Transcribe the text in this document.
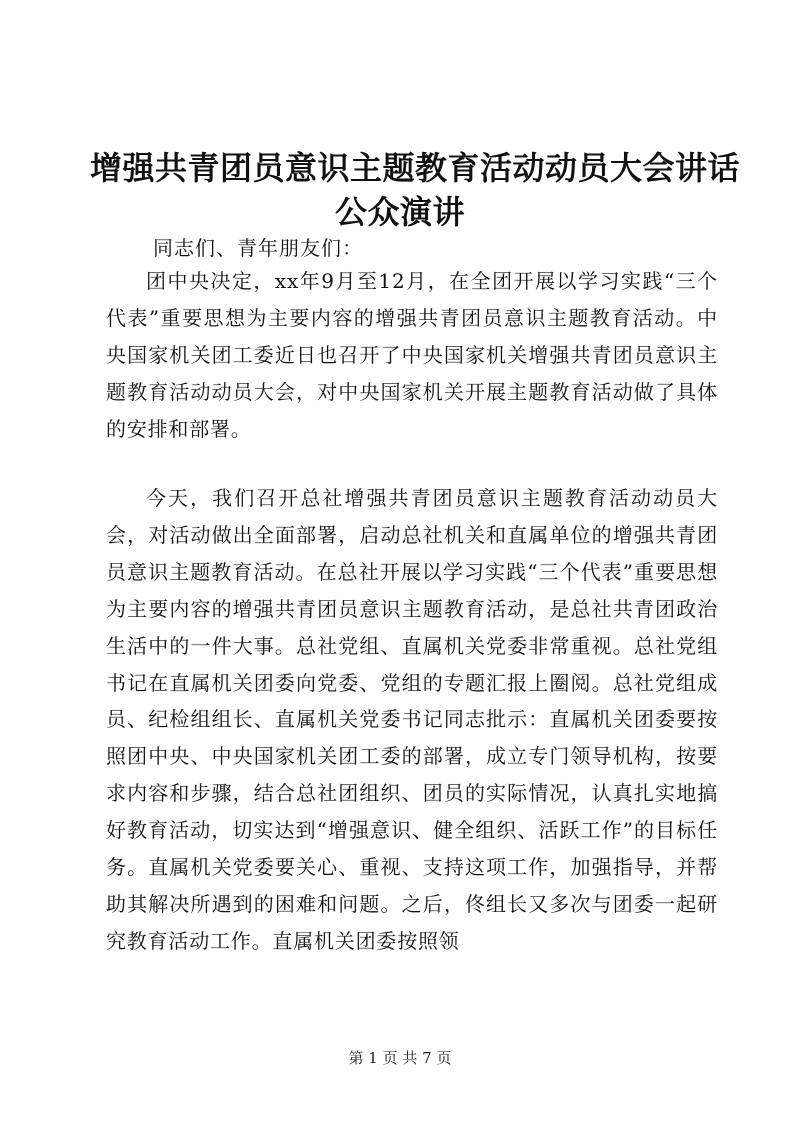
增强共青团员意识主题教育活动动员大会讲话
公众演讲
同志们、青年朋友们：

团中央决定，xx年9月至12月，在全团开展以学习实践“三个代表”重要思想为主要内容的增强共青团员意识主题教育活动。中央国家机关团工委近日也召开了中央国家机关增强共青团员意识主题教育活动动员大会，对中央国家机关开展主题教育活动做了具体的安排和部署。

今天，我们召开总社增强共青团员意识主题教育活动动员大会，对活动做出全面部署，启动总社机关和直属单位的增强共青团员意识主题教育活动。在总社开展以学习实践“三个代表”重要思想为主要内容的增强共青团员意识主题教育活动，是总社共青团政治生活中的一件大事。总社党组、直属机关党委非常重视。总社党组书记在直属机关团委向党委、党组的专题汇报上圈阅。总社党组成员、纪检组组长、直属机关党委书记同志批示：直属机关团委要按照团中央、中央国家机关团工委的部署，成立专门领导机构，按要求内容和步骤，结合总社团组织、团员的实际情况，认真扎实地搞好教育活动，切实达到“增强意识、健全组织、活跃工作”的目标任务。直属机关党委要关心、重视、支持这项工作，加强指导，并帮助其解决所遇到的困难和问题。之后，佟组长又多次与团委一起研究教育活动工作。直属机关团委按照领

第 1 页 共 7 页
